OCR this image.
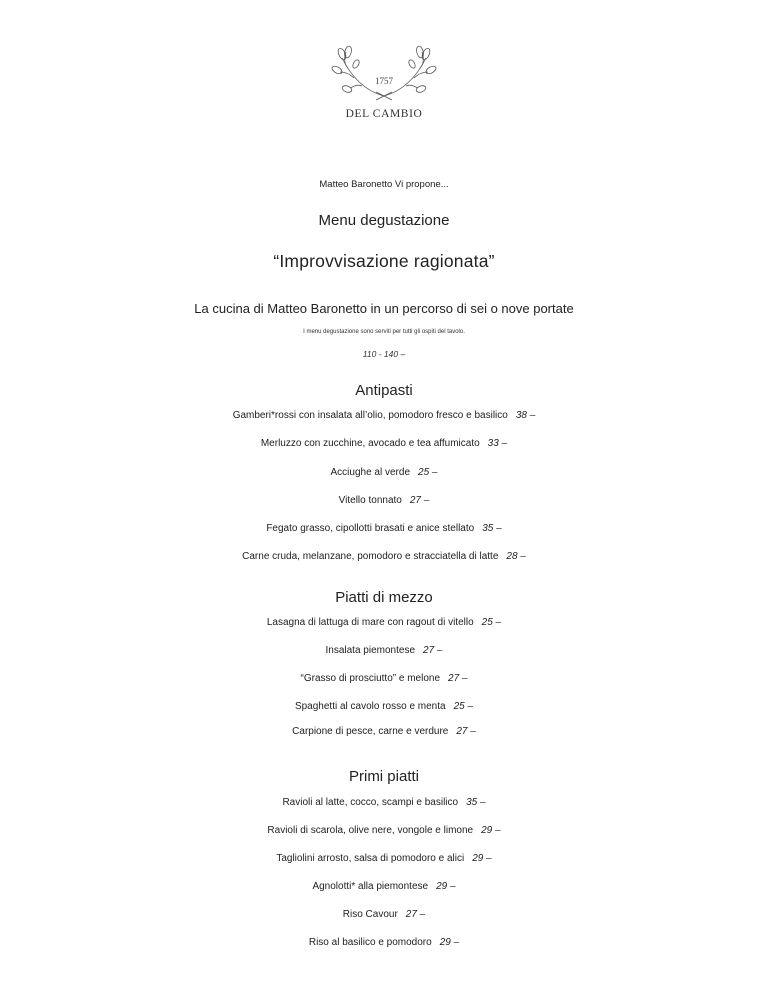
1757
DEL CAMBIO
Matteo Baronetto Vi propone...
Menu degustazione
“Improvvisazione ragionata”
La cucina di Matteo Baronetto in un percorso di sei o nove portate
I menu degustazione sono serviti per tutti gli ospiti del tavolo.
110 - 140 –
Antipasti
Gamberi*rossi con insalata all’olio, pomodoro fresco e basilico 38 –
Merluzzo con zucchine, avocado e tea affumicato 33 –
Acciughe al verde 25 –
Vitello tonnato 27 –
Fegato grasso, cipollotti brasati e anice stellato 35 –
Carne cruda, melanzane, pomodoro e stracciatella di latte 28 –
Piatti di mezzo
Lasagna di lattuga di mare con ragout di vitello 25 –
Insalata piemontese 27 –
“Grasso di prosciutto” e melone 27 –
Spaghetti al cavolo rosso e menta 25 –
Carpione di pesce, carne e verdure 27 –
Primi piatti
Ravioli al latte, cocco, scampi e basilico 35 –
Ravioli di scarola, olive nere, vongole e limone 29 –
Tagliolini arrosto, salsa di pomodoro e alici 29 –
Agnolotti* alla piemontese 29 –
Riso Cavour 27 –
Riso al basilico e pomodoro 29 –
